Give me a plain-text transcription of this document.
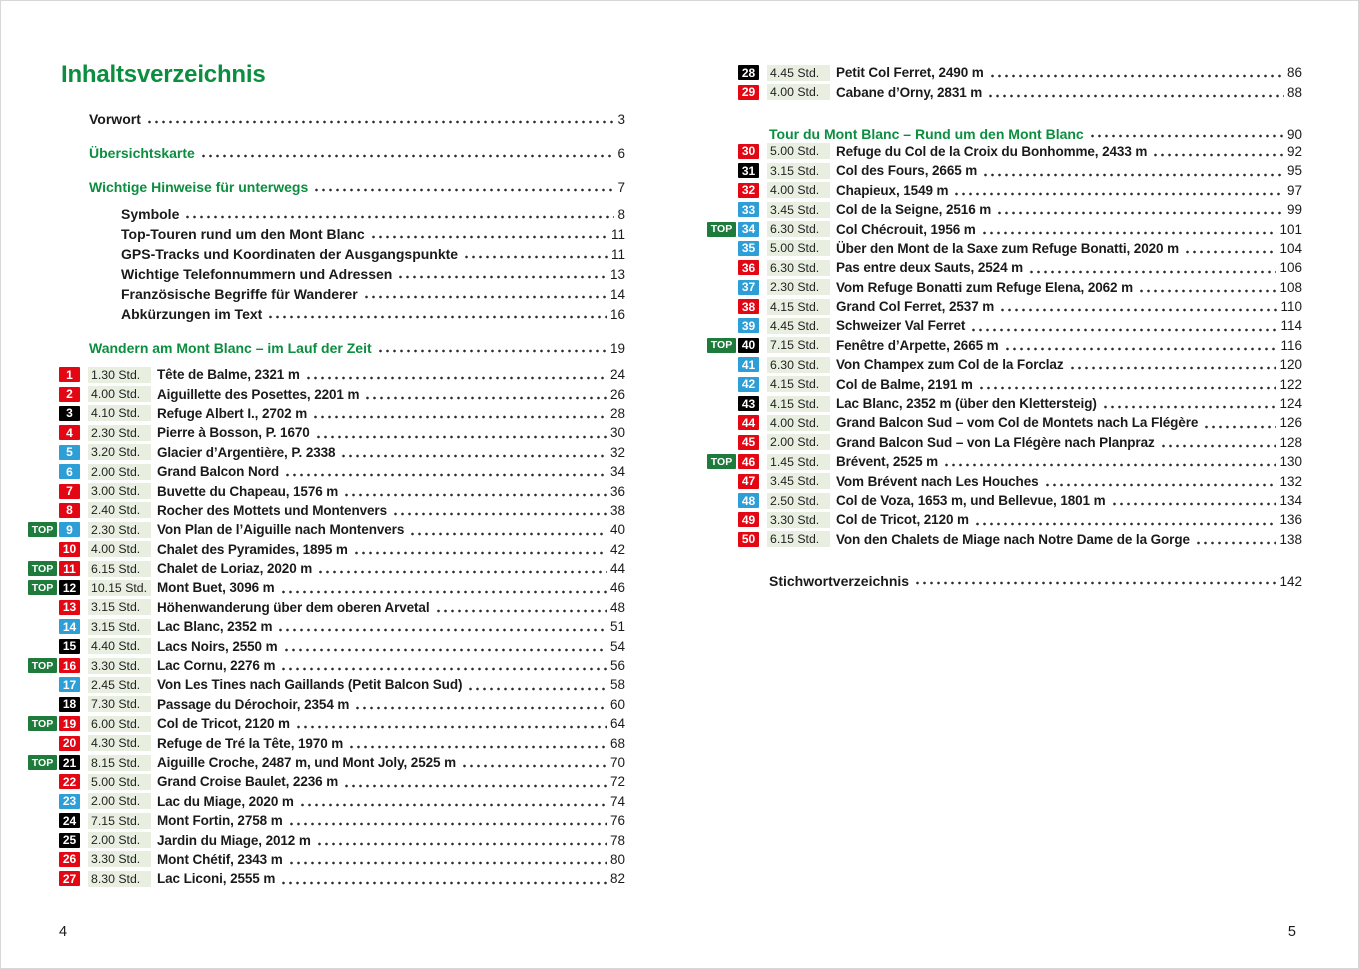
Inhaltsverzeichnis
Vorwort	3
Übersichtskarte	6
Wichtige Hinweise für unterwegs	7
Symbole	8
Top-Touren rund um den Mont Blanc	11
GPS-Tracks und Koordinaten der Ausgangspunkte	11
Wichtige Telefonnummern und Adressen	13
Französische Begriffe für Wanderer	14
Abkürzungen im Text	16
Wandern am Mont Blanc – im Lauf der Zeit	19
1	1.30 Std.	Tête de Balme, 2321 m	24
2	4.00 Std.	Aiguillette des Posettes, 2201 m	26
3	4.10 Std.	Refuge Albert I., 2702 m	28
4	2.30 Std.	Pierre à Bosson, P. 1670	30
5	3.20 Std.	Glacier d’Argentière, P. 2338	32
6	2.00 Std.	Grand Balcon Nord	34
7	3.00 Std.	Buvette du Chapeau, 1576 m	36
8	2.40 Std.	Rocher des Mottets und Montenvers	38
TOP	9	2.30 Std.	Von Plan de l’Aiguille nach Montenvers	40
10	4.00 Std.	Chalet des Pyramides, 1895 m	42
TOP 11	6.15 Std.	Chalet de Loriaz, 2020 m	44
TOP 12	10.15 Std. Mont Buet, 3096 m	46
13	3.15 Std.	Höhenwanderung über dem oberen Arvetal	48
14	3.15 Std.	Lac Blanc, 2352 m	51
15	4.40 Std.	Lacs Noirs, 2550 m	54
TOP 16	3.30 Std.	Lac Cornu, 2276 m	56
17	2.45 Std.	Von Les Tines nach Gaillands (Petit Balcon Sud)	58
18	7.30 Std.	Passage du Dérochoir, 2354 m	60
TOP 19	6.00 Std.	Col de Tricot, 2120 m	64
20	4.30 Std.	Refuge de Tré la Tête, 1970 m	68
TOP 21	8.15 Std.	Aiguille Croche, 2487 m, und Mont Joly, 2525 m	70
22	5.00 Std.	Grand Croise Baulet, 2236 m	72
23	2.00 Std.	Lac du Miage, 2020 m	74
24	7.15 Std.	Mont Fortin, 2758 m	76
25	2.00 Std.	Jardin du Miage, 2012 m	78
26	3.30 Std.	Mont Chétif, 2343 m	80
27	8.30 Std.	Lac Liconi, 2555 m	82
28	4.45 Std.	Petit Col Ferret, 2490 m	86
29	4.00 Std.	Cabane d’Orny, 2831 m	88
Tour du Mont Blanc – Rund um den Mont Blanc	90
30	5.00 Std.	Refuge du Col de la Croix du Bonhomme, 2433 m	92
31	3.15 Std.	Col des Fours, 2665 m	95
32	4.00 Std.	Chapieux, 1549 m	97
33	3.45 Std.	Col de la Seigne, 2516 m	99
TOP 34	6.30 Std.	Col Chécrouit, 1956 m	101
35	5.00 Std.	Über den Mont de la Saxe zum Refuge Bonatti, 2020 m	104
36	6.30 Std.	Pas entre deux Sauts, 2524 m	106
37	2.30 Std.	Vom Refuge Bonatti zum Refuge Elena, 2062 m	108
38	4.15 Std.	Grand Col Ferret, 2537 m	110
39	4.45 Std.	Schweizer Val Ferret	114
TOP 40	7.15 Std.	Fenêtre d’Arpette, 2665 m	116
41	6.30 Std.	Von Champex zum Col de la Forclaz	120
42	4.15 Std.	Col de Balme, 2191 m	122
43	4.15 Std.	Lac Blanc, 2352 m (über den Klettersteig)	124
44	4.00 Std.	Grand Balcon Sud – vom Col de Montets nach La Flégère	126
45	2.00 Std.	Grand Balcon Sud – von La Flégère nach Planpraz	128
TOP 46	1.45 Std.	Brévent, 2525 m	130
47	3.45 Std.	Vom Brévent nach Les Houches	132
48	2.50 Std.	Col de Voza, 1653 m, und Bellevue, 1801 m	134
49	3.30 Std.	Col de Tricot, 2120 m	136
50	6.15 Std.	Von den Chalets de Miage nach Notre Dame de la Gorge	138
Stichwortverzeichnis	142
4	5
